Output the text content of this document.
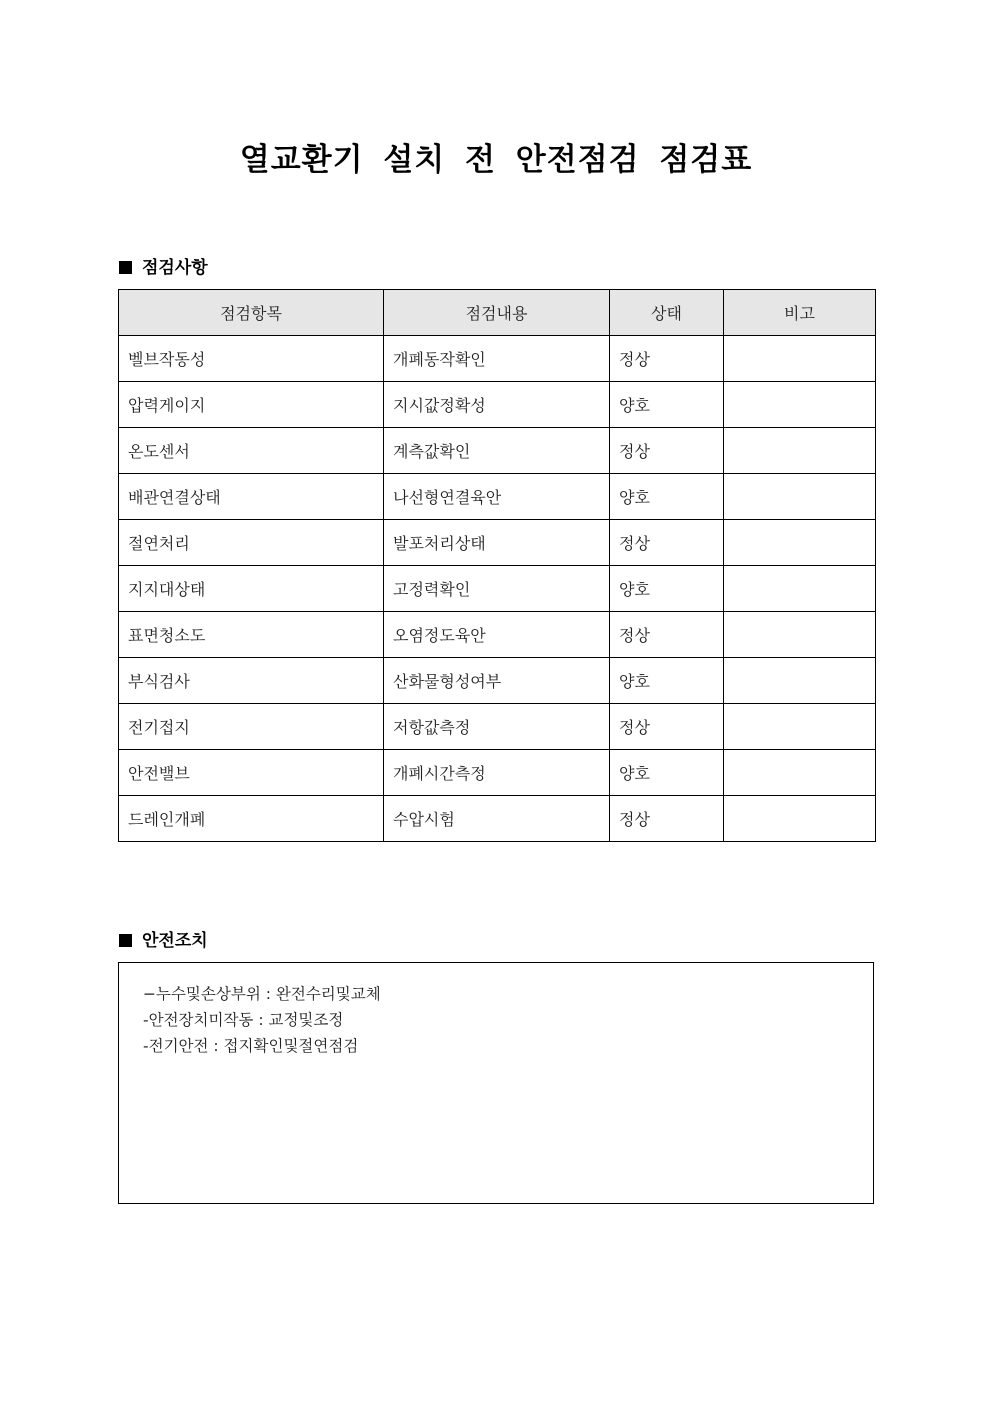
열교환기 설치 전 안전점검 점검표
점검사항
점검항목	점검내용	상태	비고
벨브작동성	개폐동작확인	정상	
압력게이지	지시값정확성	양호	
온도센서	계측값확인	정상	
배관연결상태	나선형연결육안	양호	
절연처리	발포처리상태	정상	
지지대상태	고정력확인	양호	
표면청소도	오염정도육안	정상	
부식검사	산화물형성여부	양호	
전기접지	저항값측정	정상	
안전밸브	개폐시간측정	양호	
드레인개폐	수압시험	정상	
안전조치
−누수및손상부위 : 완전수리및교체
-안전장치미작동 : 교정및조정
-전기안전 : 접지확인및절연점검
